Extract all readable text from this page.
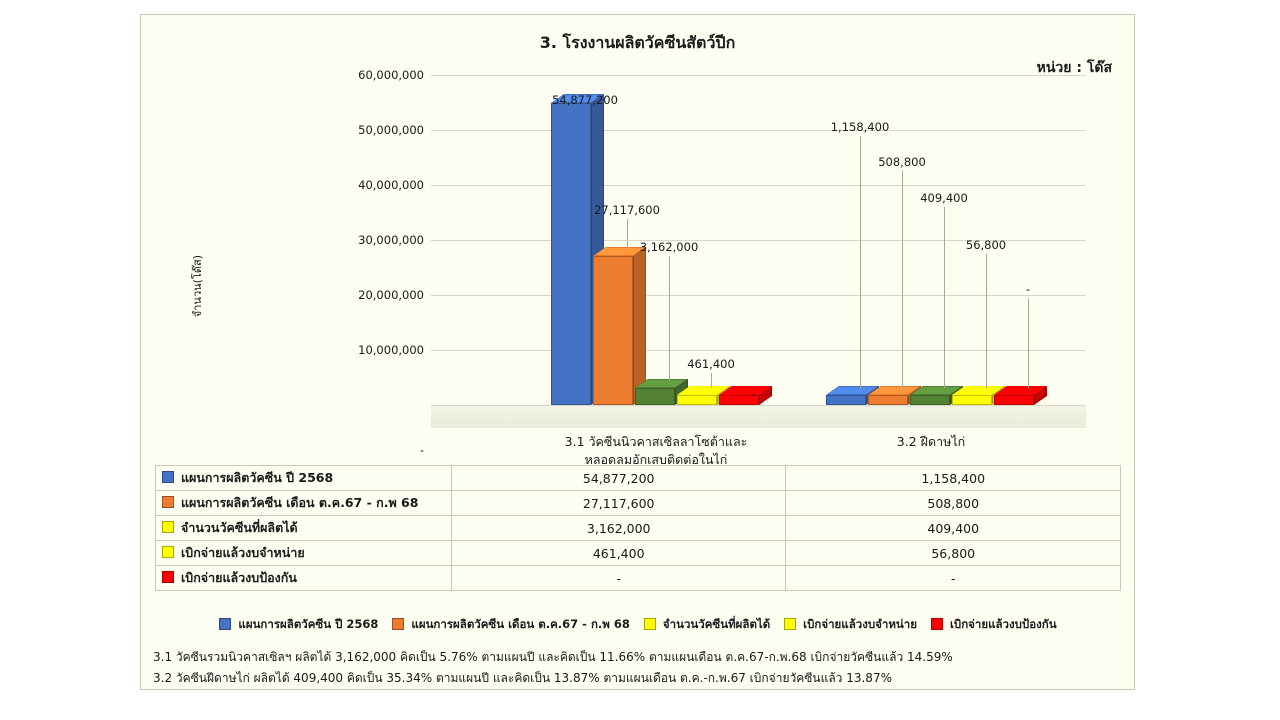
3. โรงงานผลิตวัคซีนสัตว์ปีก
หน่วย : โด๊ส
จำนวน(โด๊ส)
-
10,000,000
20,000,000
30,000,000
40,000,000
50,000,000
60,000,000
54,877,200
1,158,400
27,117,600
508,800
3,162,000
409,400
461,400
56,800
-
-
3.1 วัคซีนนิวคาสเซิลลาโซต้าและ
หลอดลมอักเสบติดต่อในไก่
3.2 ฝีดาษไก่
แผนการผลิตวัคซีน ปี 2568	54,877,200	1,158,400
แผนการผลิตวัคซีน เดือน ต.ค.67 - ก.พ 68	27,117,600	508,800
จำนวนวัคซีนที่ผลิตได้	3,162,000	409,400
เบิกจ่ายแล้วงบจำหน่าย	461,400	56,800
เบิกจ่ายแล้วงบป้องกัน	-	-
แผนการผลิตวัคซีน ปี 2568	แผนการผลิตวัคซีน เดือน ต.ค.67 - ก.พ 68	จำนวนวัคซีนที่ผลิตได้	เบิกจ่ายแล้วงบจำหน่าย	เบิกจ่ายแล้วงบป้องกัน
3.1 วัคซีนรวมนิวคาสเซิลฯ ผลิตได้ 3,162,000 คิดเป็น 5.76% ตามแผนปี และคิดเป็น 11.66% ตามแผนเดือน ต.ค.67-ก.พ.68 เบิกจ่ายวัคซีนแล้ว 14.59%
3.2 วัคซีนฝีดาษไก่ ผลิตได้ 409,400 คิดเป็น 35.34% ตามแผนปี และคิดเป็น 13.87% ตามแผนเดือน ต.ค.-ก.พ.67 เบิกจ่ายวัคซีนแล้ว 13.87%
